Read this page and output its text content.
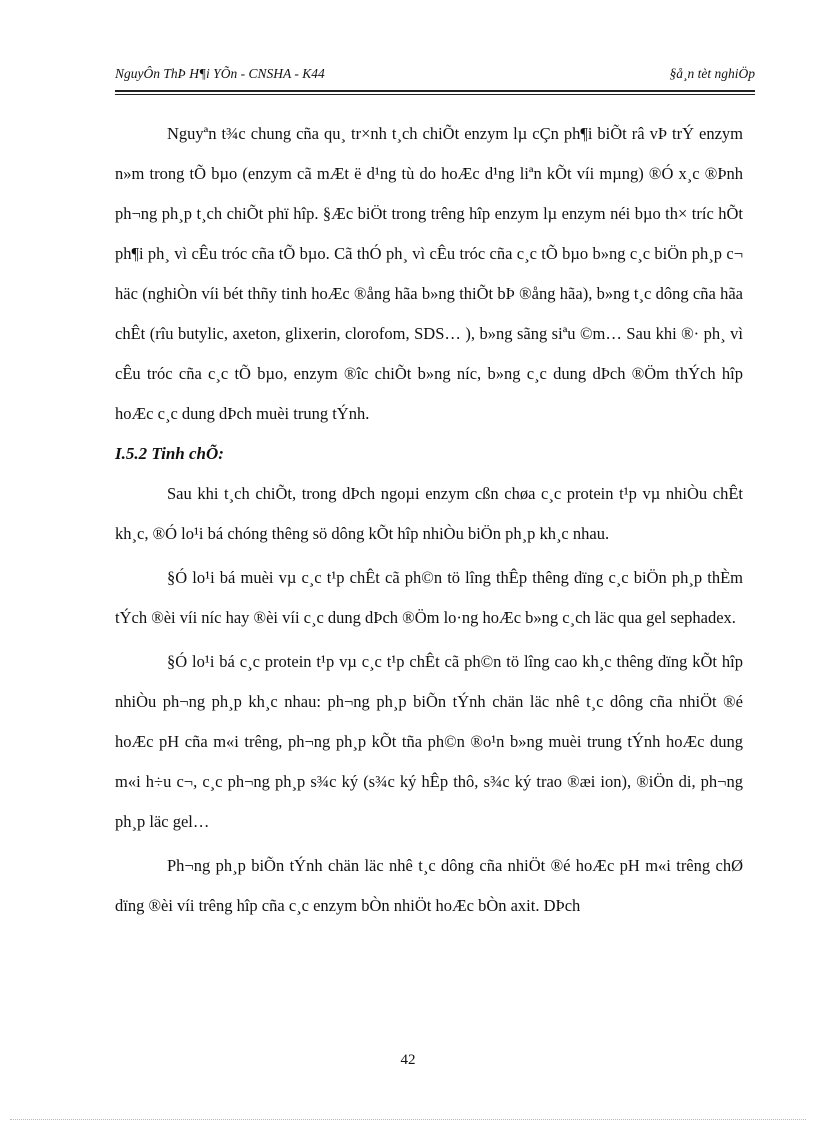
NguyÔn ThÞ H¶i YÕn - CNSHA - K44	§å¸n tèt nghiÖp

Nguyªn t¾c chung cña qu¸ tr×nh t¸ch chiÕt enzym lµ cÇn ph¶i biÕt râ vÞ trÝ enzym n»m trong tÕ bµo (enzym cã mÆt ë d¹ng tù do hoÆc d¹ng liªn kÕt víi mµng) ®Ó x¸c ®Þnh ph¬ng ph¸p t¸ch chiÕt phï hîp. §Æc biÖt trong trêng hîp enzym lµ enzym néi bµo th× tríc hÕt ph¶i ph¸ vì cÊu tróc cña tÕ bµo. Cã thÓ ph¸ vì cÊu tróc cña c¸c tÕ bµo b»ng c¸c biÖn ph¸p c¬ häc (nghiÒn víi bét thñy tinh hoÆc ®ång hãa b»ng thiÕt bÞ ®ång hãa), b»ng t¸c dông cña hãa chÊt (rîu butylic, axeton, glixerin, clorofom, SDS… ), b»ng sãng siªu ©m… Sau khi ®· ph¸ vì cÊu tróc cña c¸c tÕ bµo, enzym ®îc chiÕt b»ng níc, b»ng c¸c dung dÞch ®Öm thÝch hîp hoÆc c¸c dung dÞch muèi trung tÝnh.

I.5.2 Tinh chÕ:

Sau khi t¸ch chiÕt, trong dÞch ngoµi enzym cßn chøa c¸c protein t¹p vµ nhiÒu chÊt kh¸c, ®Ó lo¹i bá chóng thêng sö dông kÕt hîp nhiÒu biÖn ph¸p kh¸c nhau.

§Ó lo¹i bá muèi vµ c¸c t¹p chÊt cã ph©n tö lîng thÊp thêng dïng c¸c biÖn ph¸p thÈm tÝch ®èi víi níc hay ®èi víi c¸c dung dÞch ®Öm lo·ng hoÆc b»ng c¸ch läc qua gel sephadex.

§Ó lo¹i bá c¸c protein t¹p vµ c¸c t¹p chÊt cã ph©n tö lîng cao kh¸c thêng dïng kÕt hîp nhiÒu ph¬ng ph¸p kh¸c nhau: ph¬ng ph¸p biÕn tÝnh chän läc nhê t¸c dông cña nhiÖt ®é hoÆc pH cña m«i trêng, ph¬ng ph¸p kÕt tña ph©n ®o¹n b»ng muèi trung tÝnh hoÆc dung m«i h÷u c¬, c¸c ph¬ng ph¸p s¾c ký (s¾c ký hÊp thô, s¾c ký trao ®æi ion), ®iÖn di, ph¬ng ph¸p läc gel…

Ph¬ng ph¸p biÕn tÝnh chän läc nhê t¸c dông cña nhiÖt ®é hoÆc pH m«i trêng chØ dïng ®èi víi trêng hîp cña c¸c enzym bÒn nhiÖt hoÆc bÒn axit. DÞch

42
